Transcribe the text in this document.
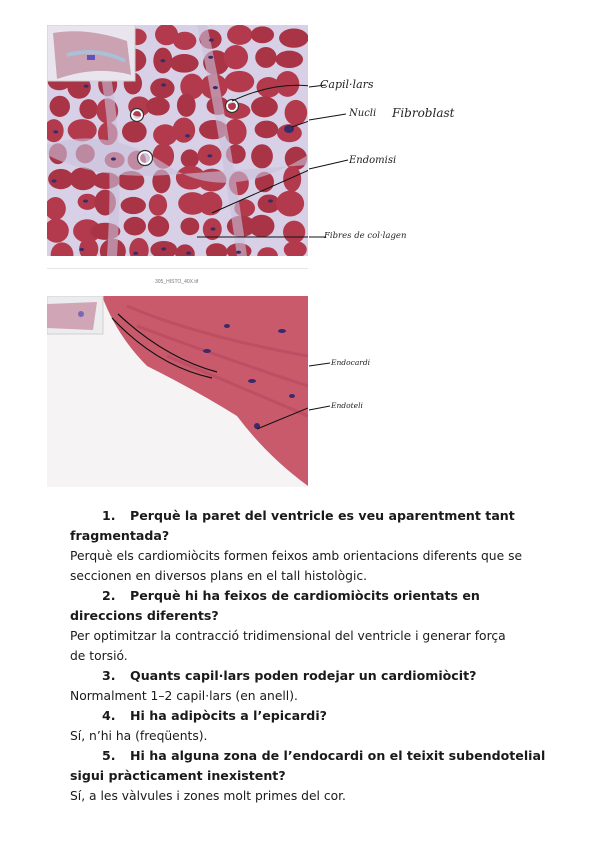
Capil·lars
Nucli Fibroblast
Endomisi
Fibres de col·lagen
305_HISTO_40X.tif
Endocardi
Endoteli

1. Perquè la paret del ventricle es veu aparentment tant

fragmentada?

Perquè els cardiomiòcits formen feixos amb orientacions diferents que se

seccionen en diversos plans en el tall histològic.

2. Perquè hi ha feixos de cardiomiòcits orientats en

direccions diferents?

Per optimitzar la contracció tridimensional del ventricle i generar força

de torsió.

3. Quants capil·lars poden rodejar un cardiomiòcit?

Normalment 1–2 capil·lars (en anell).

4. Hi ha adipòcits a l’epicardi?

Sí, n’hi ha (freqüents).

5. Hi ha alguna zona de l’endocardi on el teixit subendotelial

sigui pràcticament inexistent?

Sí, a les vàlvules i zones molt primes del cor.
